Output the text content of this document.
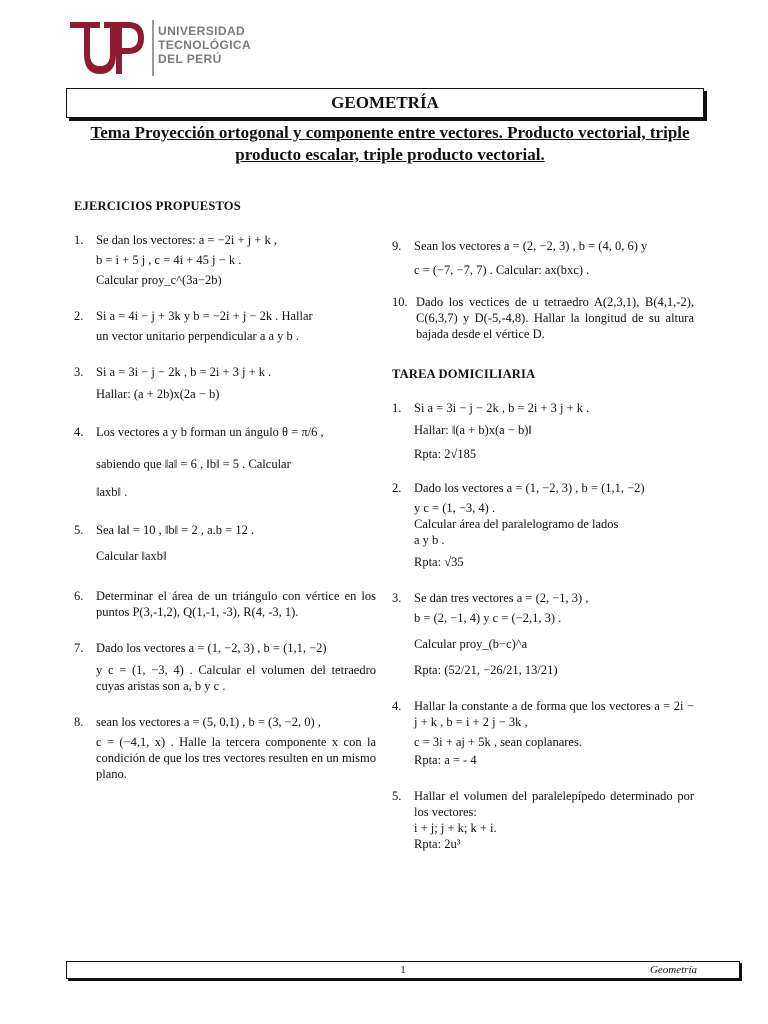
UNIVERSIDAD
TECNOLÓGICA
DEL PERÚ
GEOMETRÍA
Tema Proyección ortogonal y componente entre vectores. Producto vectorial, triple producto escalar, triple producto vectorial.
EJERCICIOS PROPUESTOS
1. Se dan los vectores: a = −2i + j + k ,
b = i + 5 j , c = 4i + 45 j − k .
Calcular proy_c^(3a−2b)
2. Si a = 4i − j + 3k y b = −2i + j − 2k . Hallar
un vector unitario perpendicular a a y b .
3. Si a = 3i − j − 2k , b = 2i + 3 j + k .
Hallar: (a + 2b)x(2a − b)
4. Los vectores a y b forman un ángulo θ = π/6 ,
sabiendo que ‖a‖ = 6 , ‖b‖ = 5 . Calcular
‖axb‖ .
5. Sea ‖a‖ = 10 , ‖b‖ = 2 , a.b = 12 .
Calcular ‖axb‖
6. Determinar el área de un triángulo con vértice en los puntos P(3,-1,2), Q(1,-1, -3), R(4, -3, 1).
7. Dado los vectores a = (1, −2, 3) , b = (1,1, −2)
y c = (1, −3, 4) . Calcular el volumen del tetraedro cuyas aristas son a, b y c .
8. sean los vectores a = (5, 0,1) , b = (3, −2, 0) ,
c = (−4,1, x) . Halle la tercera componente x con la condición de que los tres vectores resulten en un mismo plano.
9. Sean los vectores a = (2, −2, 3) , b = (4, 0, 6) y
c = (−7, −7, 7) . Calcular: ax(bxc) .
10. Dado los vectices de u tetraedro A(2,3,1), B(4,1,-2), C(6,3,7) y D(-5,-4,8). Hallar la longitud de su altura bajada desde el vértice D.
TAREA DOMICILIARIA
1. Si a = 3i − j − 2k , b = 2i + 3 j + k .
Hallar: ‖(a + b)x(a − b)‖
Rpta: 2√185
2. Dado los vectores a = (1, −2, 3) , b = (1,1, −2)
y c = (1, −3, 4) .
Calcular área del paralelogramo de lados
a y b .
Rpta: √35
3. Se dan tres vectores a = (2, −1, 3) ,
b = (2, −1, 4) y c = (−2,1, 3) .
Calcular proy_(b−c)^a
Rpta: (52/21, −26/21, 13/21)
4. Hallar la constante a de forma que los vectores a = 2i − j + k , b = i + 2 j − 3k ,
c = 3i + aj + 5k , sean coplanares.
Rpta: a = - 4
5. Hallar el volumen del paralelepípedo determinado por los vectores:
i + j; j + k; k + i.
Rpta: 2u³
1	Geometría
